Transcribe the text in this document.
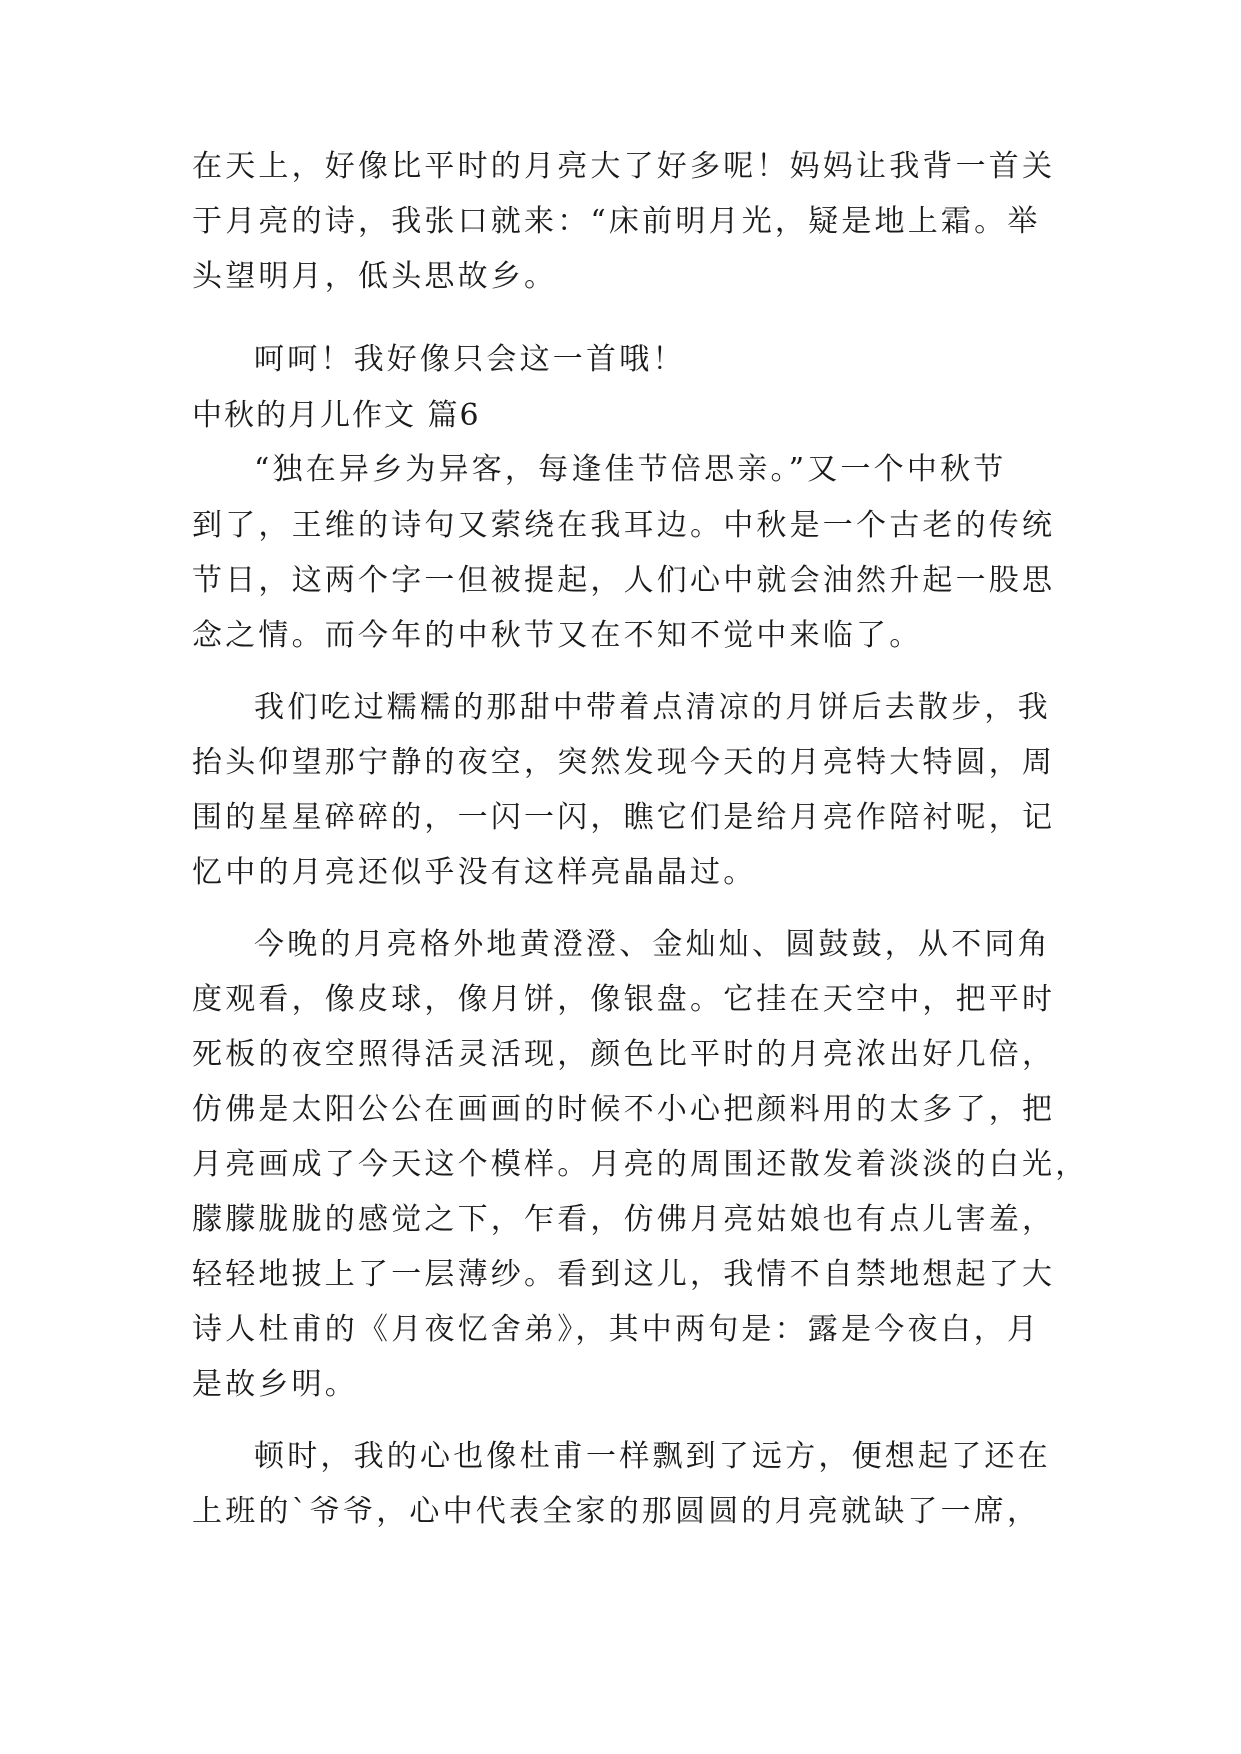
在天上，好像比平时的月亮大了好多呢！妈妈让我背一首关
于月亮的诗，我张口就来：“床前明月光，疑是地上霜。举
头望明月，低头思故乡。
呵呵！我好像只会这一首哦！
中秋的月儿作文 篇6
“独在异乡为异客，每逢佳节倍思亲。”又一个中秋节
到了，王维的诗句又萦绕在我耳边。中秋是一个古老的传统
节日，这两个字一但被提起，人们心中就会油然升起一股思
念之情。而今年的中秋节又在不知不觉中来临了。
我们吃过糯糯的那甜中带着点清凉的月饼后去散步，我
抬头仰望那宁静的夜空，突然发现今天的月亮特大特圆，周
围的星星碎碎的，一闪一闪，瞧它们是给月亮作陪衬呢，记
忆中的月亮还似乎没有这样亮晶晶过。
今晚的月亮格外地黄澄澄、金灿灿、圆鼓鼓，从不同角
度观看，像皮球，像月饼，像银盘。它挂在天空中，把平时
死板的夜空照得活灵活现，颜色比平时的月亮浓出好几倍，
仿佛是太阳公公在画画的时候不小心把颜料用的太多了，把
月亮画成了今天这个模样。月亮的周围还散发着淡淡的白光，
朦朦胧胧的感觉之下，乍看，仿佛月亮姑娘也有点儿害羞，
轻轻地披上了一层薄纱。看到这儿，我情不自禁地想起了大
诗人杜甫的《月夜忆舍弟》，其中两句是：露是今夜白，月
是故乡明。
顿时，我的心也像杜甫一样飘到了远方，便想起了还在
上班的`爷爷，心中代表全家的那圆圆的月亮就缺了一席，
